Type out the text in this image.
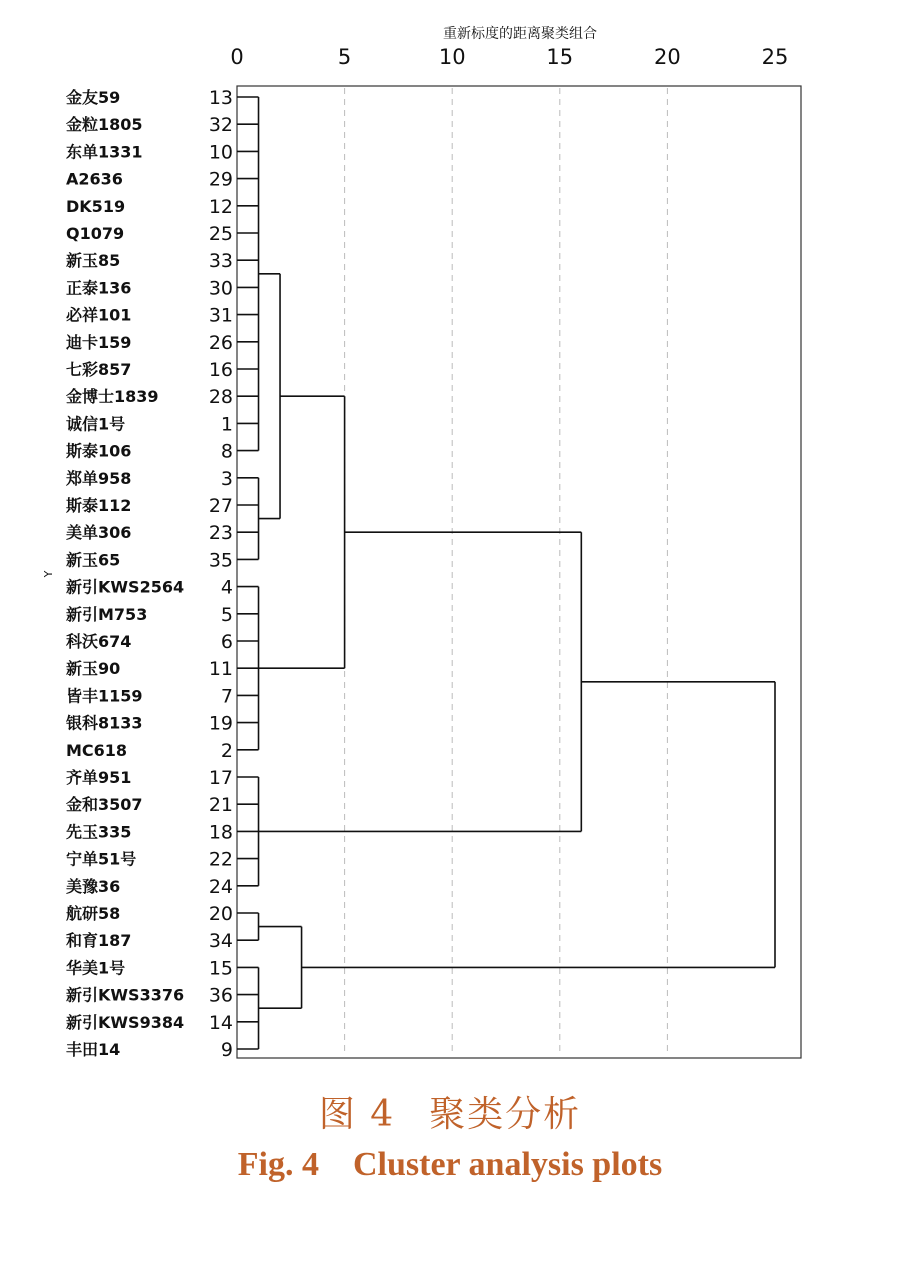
重新标度的距离聚类组合
Y
0	5	10	15	20	25
金友59	13
金粒1805	32
东单1331	10
A2636	29
DK519	12
Q1079	25
新玉85	33
正泰136	30
必祥101	31
迪卡159	26
七彩857	16
金博士1839	28
诚信1号	1
斯泰106	8
郑单958	3
斯泰112	27
美单306	23
新玉65	35
新引KWS2564 4
新引M753	5
科沃674	6
新玉90	11
皆丰1159	7
银科8133	19
MC618	2
齐单951	17
金和3507	21
先玉335	18
宁单51号	22
美豫36	24
航研58	20
和育187	34
华美1号	15
新引KWS3376 36
新引KWS9384 14
丰田14	9
图 4 聚类分析
Fig. 4 Cluster analysis plots
